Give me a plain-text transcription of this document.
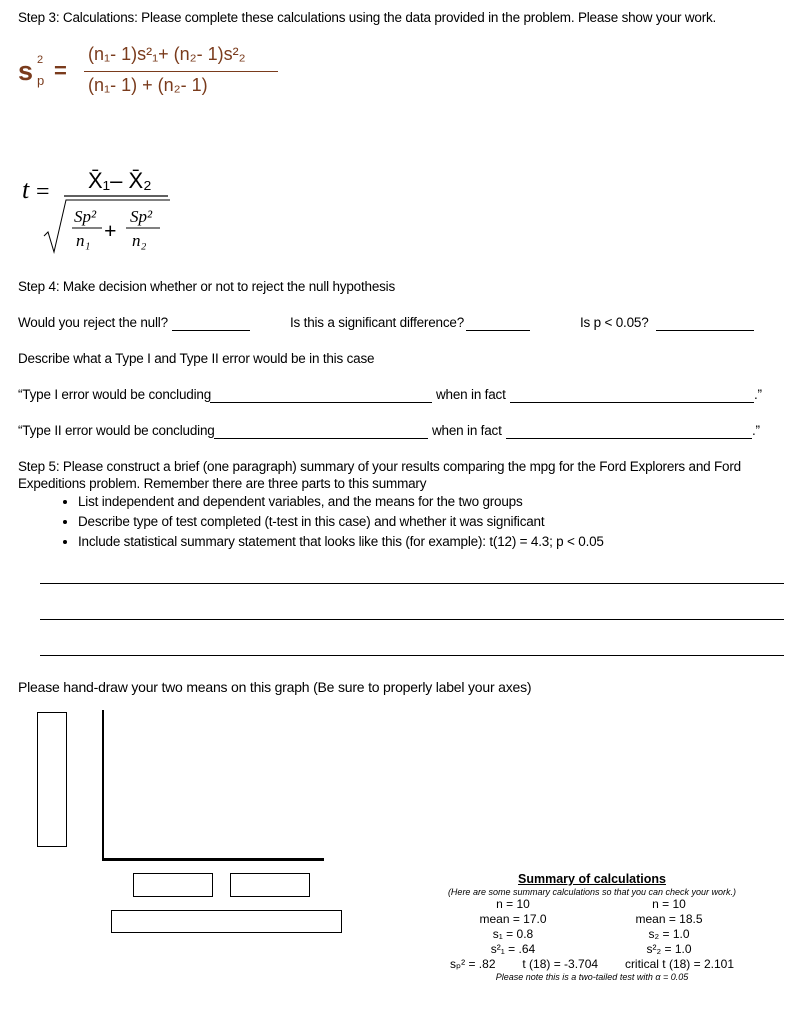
Step 3: Calculations: Please complete these calculations using the data provided in the problem. Please show your work.
s 2
p =
(n₁- 1)s²₁+ (n₂- 1)s²₂
(n₁- 1) + (n₂- 1)
t = X̄₁– X̄₂
Sp²
n₁ +
Sp²
n₂
Step 4: Make decision whether or not to reject the null hypothesis
Would you reject the null?	Is this a significant difference?	Is p < 0.05?
Describe what a Type I and Type II error would be in this case
“Type I error would be concluding	when in fact	.”
“Type II error would be concluding	when in fact	.”
Step 5: Please construct a brief (one paragraph) summary of your results comparing the mpg for the Ford Explorers and Ford
Expeditions problem. Remember there are three parts to this summary
• List independent and dependent variables, and the means for the two groups
• Describe type of test completed (t-test in this case) and whether it was significant
• Include statistical summary statement that looks like this (for example): t(12) = 4.3; p < 0.05
Please hand-draw your two means on this graph (Be sure to properly label your axes)
Summary of calculations
(Here are some summary calculations so that you can check your work.)
n = 10	n = 10
mean = 17.0	mean = 18.5
s₁ = 0.8	s₂ = 1.0
s²₁ = .64	s²₂ = 1.0
sₚ² = .82 t (18) = -3.704 critical t (18) = 2.101
Please note this is a two-tailed test with α = 0.05
